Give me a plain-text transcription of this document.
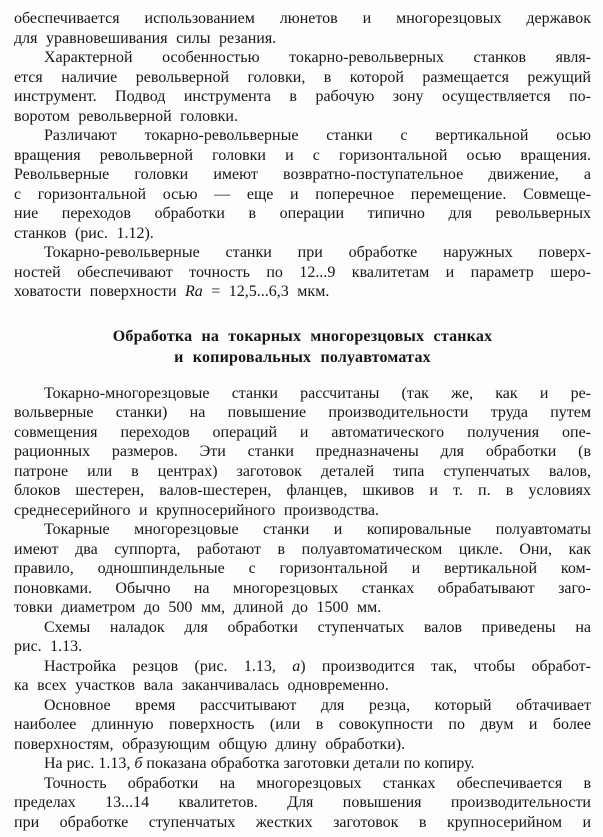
обеспечивается использованием люнетов и многорезцовых державок
для уравновешивания силы резания.
Характерной особенностью токарно-револьверных станков явля-
ется наличие револьверной головки, в которой размещается режущий
инструмент. Подвод инструмента в рабочую зону осуществляется по-
воротом револьверной головки.
Различают токарно-револьверные станки с вертикальной осью
вращения револьверной головки и с горизонтальной осью вращения.
Револьверные головки имеют возвратно-поступательное движение, а
с горизонтальной осью — еще и поперечное перемещение. Совмеще-
ние переходов обработки в операции типично для револьверных
станков (рис. 1.12).
Токарно-револьверные станки при обработке наружных поверх-
ностей обеспечивают точность по 12...9 квалитетам и параметр шеро-
ховатости поверхности Ra = 12,5...6,3 мкм.
Обработка на токарных многорезцовых станках
и копировальных полуавтоматах
Токарно-многорезцовые станки рассчитаны (так же, как и ре-
вольверные станки) на повышение производительности труда путем
совмещения переходов операций и автоматического получения опе-
рационных размеров. Эти станки предназначены для обработки (в
патроне или в центрах) заготовок деталей типа ступенчатых валов,
блоков шестерен, валов-шестерен, фланцев, шкивов и т. п. в условиях
среднесерийного и крупносерийного производства.
Токарные многорезцовые станки и копировальные полуавтоматы
имеют два суппорта, работают в полуавтоматическом цикле. Они, как
правило, одношпиндельные с горизонтальной и вертикальной ком-
поновками. Обычно на многорезцовых станках обрабатывают заго-
товки диаметром до 500 мм, длиной до 1500 мм.
Схемы наладок для обработки ступенчатых валов приведены на
рис. 1.13.
Настройка резцов (рис. 1.13, а) производится так, чтобы обработ-
ка всех участков вала заканчивалась одновременно.
Основное время рассчитывают для резца, который обтачивает
наиболее длинную поверхность (или в совокупности по двум и более
поверхностям, образующим общую длину обработки).
На рис. 1.13, б показана обработка заготовки детали по копиру.
Точность обработки на многорезцовых станках обеспечивается в
пределах 13...14 квалитетов. Для повышения производительности
при обработке ступенчатых жестких заготовок в крупносерийном и
